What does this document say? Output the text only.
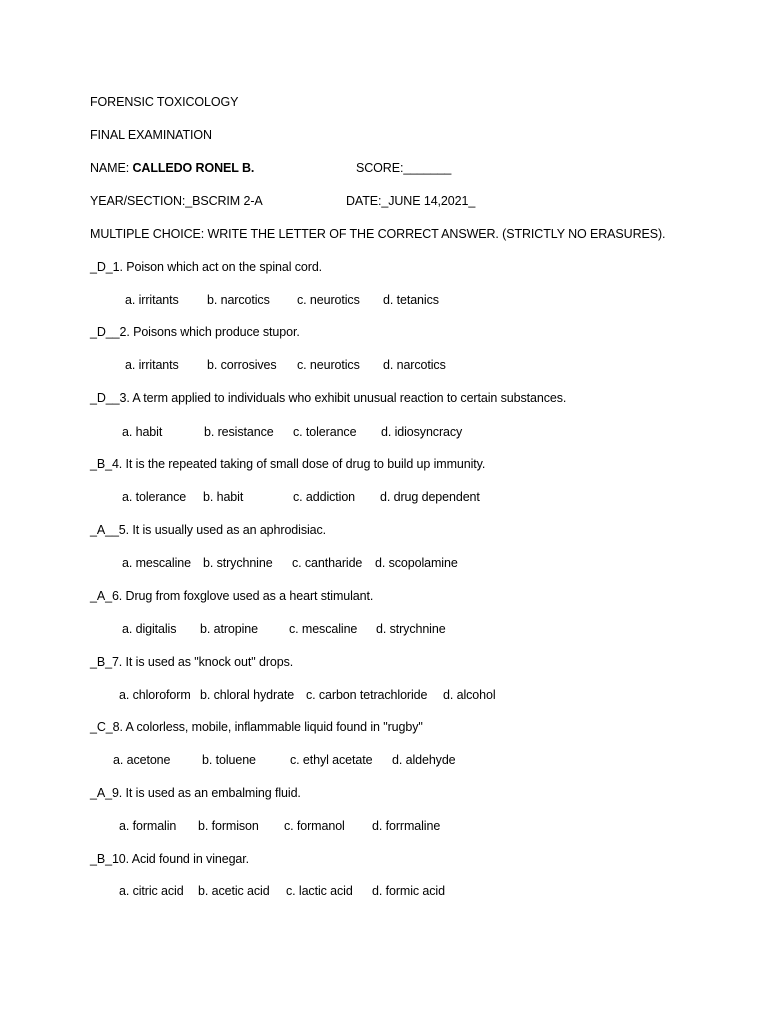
FORENSIC TOXICOLOGY
FINAL EXAMINATION
NAME: CALLEDO RONEL B.	SCORE:_______
YEAR/SECTION:_BSCRIM 2-A	DATE:_JUNE 14,2021_
MULTIPLE CHOICE: WRITE THE LETTER OF THE CORRECT ANSWER. (STRICTLY NO ERASURES).
_D_1. Poison which act on the spinal cord.
a. irritants b. narcotics c. neurotics d. tetanics
_D__2. Poisons which produce stupor.
a. irritants b. corrosives c. neurotics d. narcotics
_D__3. A term applied to individuals who exhibit unusual reaction to certain substances.
a. habit	b. resistance c. tolerance d. idiosyncracy
_B_4. It is the repeated taking of small dose of drug to build up immunity.
a. tolerance b. habit	c. addiction d. drug dependent
_A__5. It is usually used as an aphrodisiac.
a. mescaline b. strychnine c. cantharide d. scopolamine
_A_6. Drug from foxglove used as a heart stimulant.
a. digitalis b. atropine c. mescaline d. strychnine
_B_7. It is used as "knock out" drops.
a. chloroform b. chloral hydrate c. carbon tetrachloride d. alcohol
_C_8. A colorless, mobile, inflammable liquid found in "rugby"
a. acetone	b. toluene	c. ethyl acetate d. aldehyde
_A_9. It is used as an embalming fluid.
a. formalin b. formison c. formanol d. forrmaline
_B_10. Acid found in vinegar.
a. citric acid b. acetic acid c. lactic acid d. formic acid
